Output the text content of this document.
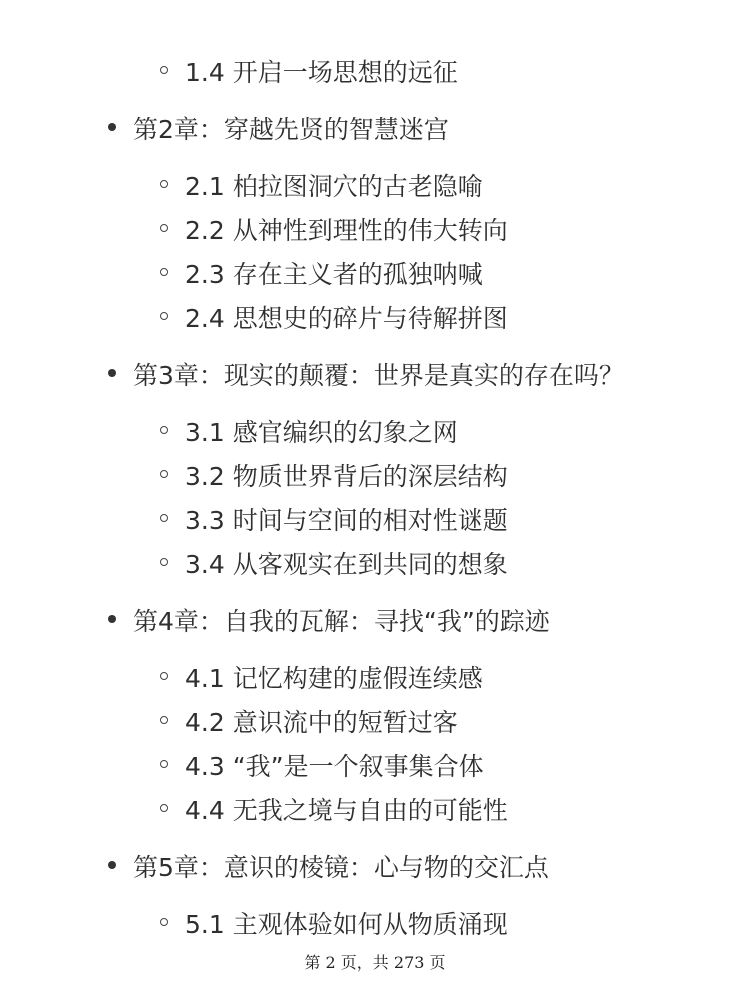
1.4 开启一场思想的远征
第2章：穿越先贤的智慧迷宫
2.1 柏拉图洞穴的古老隐喻
2.2 从神性到理性的伟大转向
2.3 存在主义者的孤独呐喊
2.4 思想史的碎片与待解拼图
第3章：现实的颠覆：世界是真实的存在吗？
3.1 感官编织的幻象之网
3.2 物质世界背后的深层结构
3.3 时间与空间的相对性谜题
3.4 从客观实在到共同的想象
第4章：自我的瓦解：寻找“我”的踪迹
4.1 记忆构建的虚假连续感
4.2 意识流中的短暂过客
4.3 “我”是一个叙事集合体
4.4 无我之境与自由的可能性
第5章：意识的棱镜：心与物的交汇点
5.1 主观体验如何从物质涌现
第 2 页，共 273 页
